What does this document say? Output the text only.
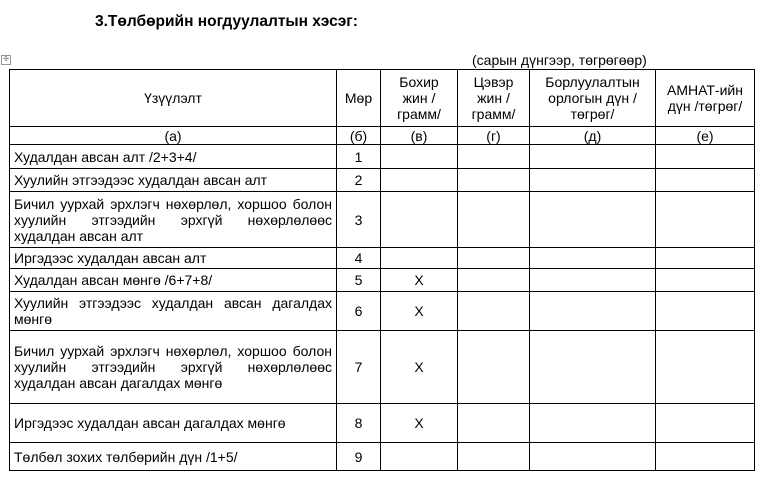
3.Төлбөрийн ногдуулалтын хэсэг:
✣	(сарын дүнгээр, төгрөгөөр)
Үзүүлэлт	Мөр	Бохир жин /грамм/	Цэвэр жин /грамм/	Борлуулалтын орлогын дүн /төгрөг/	АМНАТ-ийн дүн /төгрөг/
(а)	(б)	(в)	(г)	(д)	(е)
Худалдан авсан алт /2+3+4/	1				
Хуулийн этгээдээс худалдан авсан алт	2				
Бичил уурхай эрхлэгч нөхөрлөл, хоршоо болон хуулийн этгээдийн эрхгүй нөхөрлөлөөс худалдан авсан алт	3				
Иргэдээс худалдан авсан алт	4				
Худалдан авсан мөнгө /6+7+8/	5	X			
Хуулийн этгээдээс худалдан авсан дагалдах мөнгө	6	X			
Бичил уурхай эрхлэгч нөхөрлөл, хоршоо болон хуулийн этгээдийн эрхгүй нөхөрлөлөөс худалдан авсан дагалдах мөнгө	7	X			
Иргэдээс худалдан авсан дагалдах мөнгө	8	X			
Төлбөл зохих төлбөрийн дүн /1+5/	9				
